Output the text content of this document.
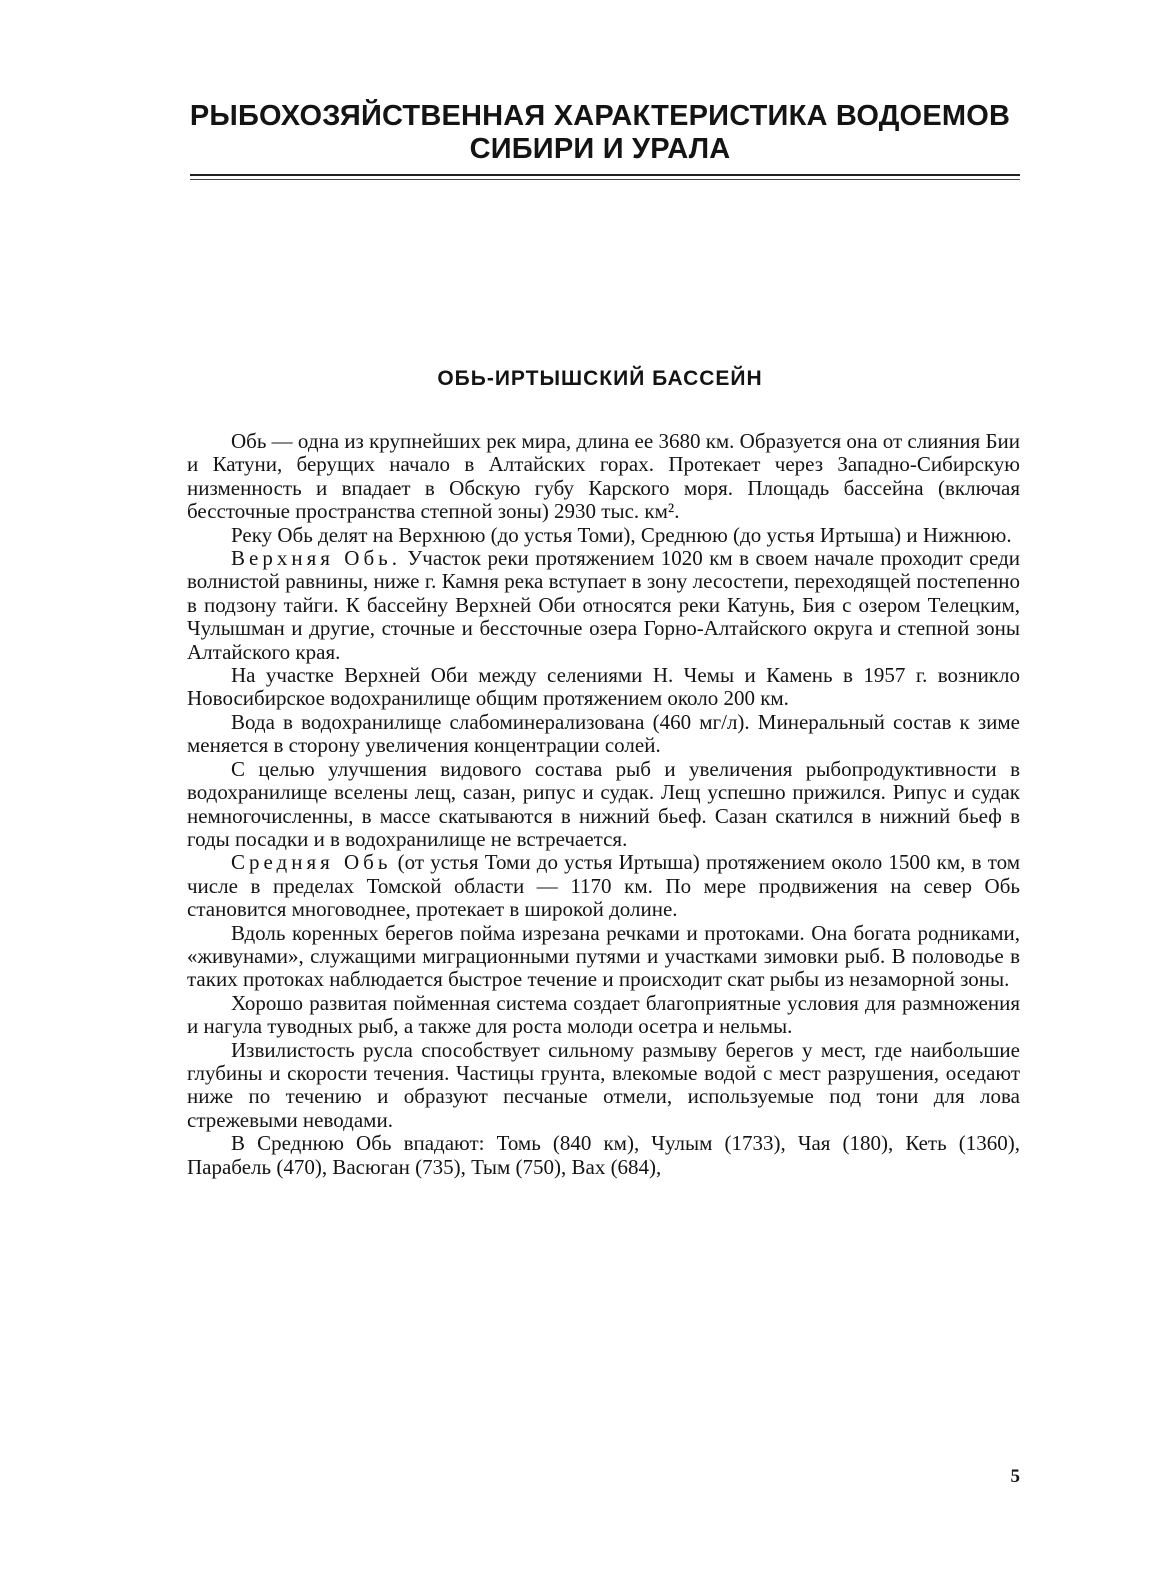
РЫБОХОЗЯЙСТВЕННАЯ ХАРАКТЕРИСТИКА ВОДОЕМОВ
СИБИРИ И УРАЛА
ОБЬ-ИРТЫШСКИЙ БАССЕЙН

Обь — одна из крупнейших рек мира, длина ее 3680 км. Образуется она от слияния Бии и Катуни, берущих начало в Алтайских горах. Протекает через Западно-Сибирскую низменность и впадает в Обскую губу Карского моря. Площадь бассейна (включая бессточные пространства степной зоны) 2930 тыс. км².

Реку Обь делят на Верхнюю (до устья Томи), Среднюю (до устья Иртыша) и Нижнюю.

Верхняя Обь. Участок реки протяжением 1020 км в своем начале проходит среди волнистой равнины, ниже г. Камня река вступает в зону лесостепи, переходящей постепенно в подзону тайги. К бассейну Верхней Оби относятся реки Катунь, Бия с озером Телецким, Чулышман и другие, сточные и бессточные озера Горно-Алтайского округа и степной зоны Алтайского края.

На участке Верхней Оби между селениями Н. Чемы и Камень в 1957 г. возникло Новосибирское водохранилище общим протяжением около 200 км.

Вода в водохранилище слабоминерализована (460 мг/л). Минеральный состав к зиме меняется в сторону увеличения концентрации солей.

С целью улучшения видового состава рыб и увеличения рыбопродуктивности в водохранилище вселены лещ, сазан, рипус и судак. Лещ успешно прижился. Рипус и судак немногочисленны, в массе скатываются в нижний бьеф. Сазан скатился в нижний бьеф в годы посадки и в водохранилище не встречается.

Средняя Обь (от устья Томи до устья Иртыша) протяжением около 1500 км, в том числе в пределах Томской области — 1170 км. По мере продвижения на север Обь становится многоводнее, протекает в широкой долине.

Вдоль коренных берегов пойма изрезана речками и протоками. Она богата родниками, «живунами», служащими миграционными путями и участками зимовки рыб. В половодье в таких протоках наблюдается быстрое течение и происходит скат рыбы из незаморной зоны.

Хорошо развитая пойменная система создает благоприятные условия для размножения и нагула туводных рыб, а также для роста молоди осетра и нельмы.

Извилистость русла способствует сильному размыву берегов у мест, где наибольшие глубины и скорости течения. Частицы грунта, влекомые водой с мест разрушения, оседают ниже по течению и образуют песчаные отмели, используемые под тони для лова стрежевыми неводами.

В Среднюю Обь впадают: Томь (840 км), Чулым (1733), Чая (180), Кеть (1360), Парабель (470), Васюган (735), Тым (750), Вах (684),

5
